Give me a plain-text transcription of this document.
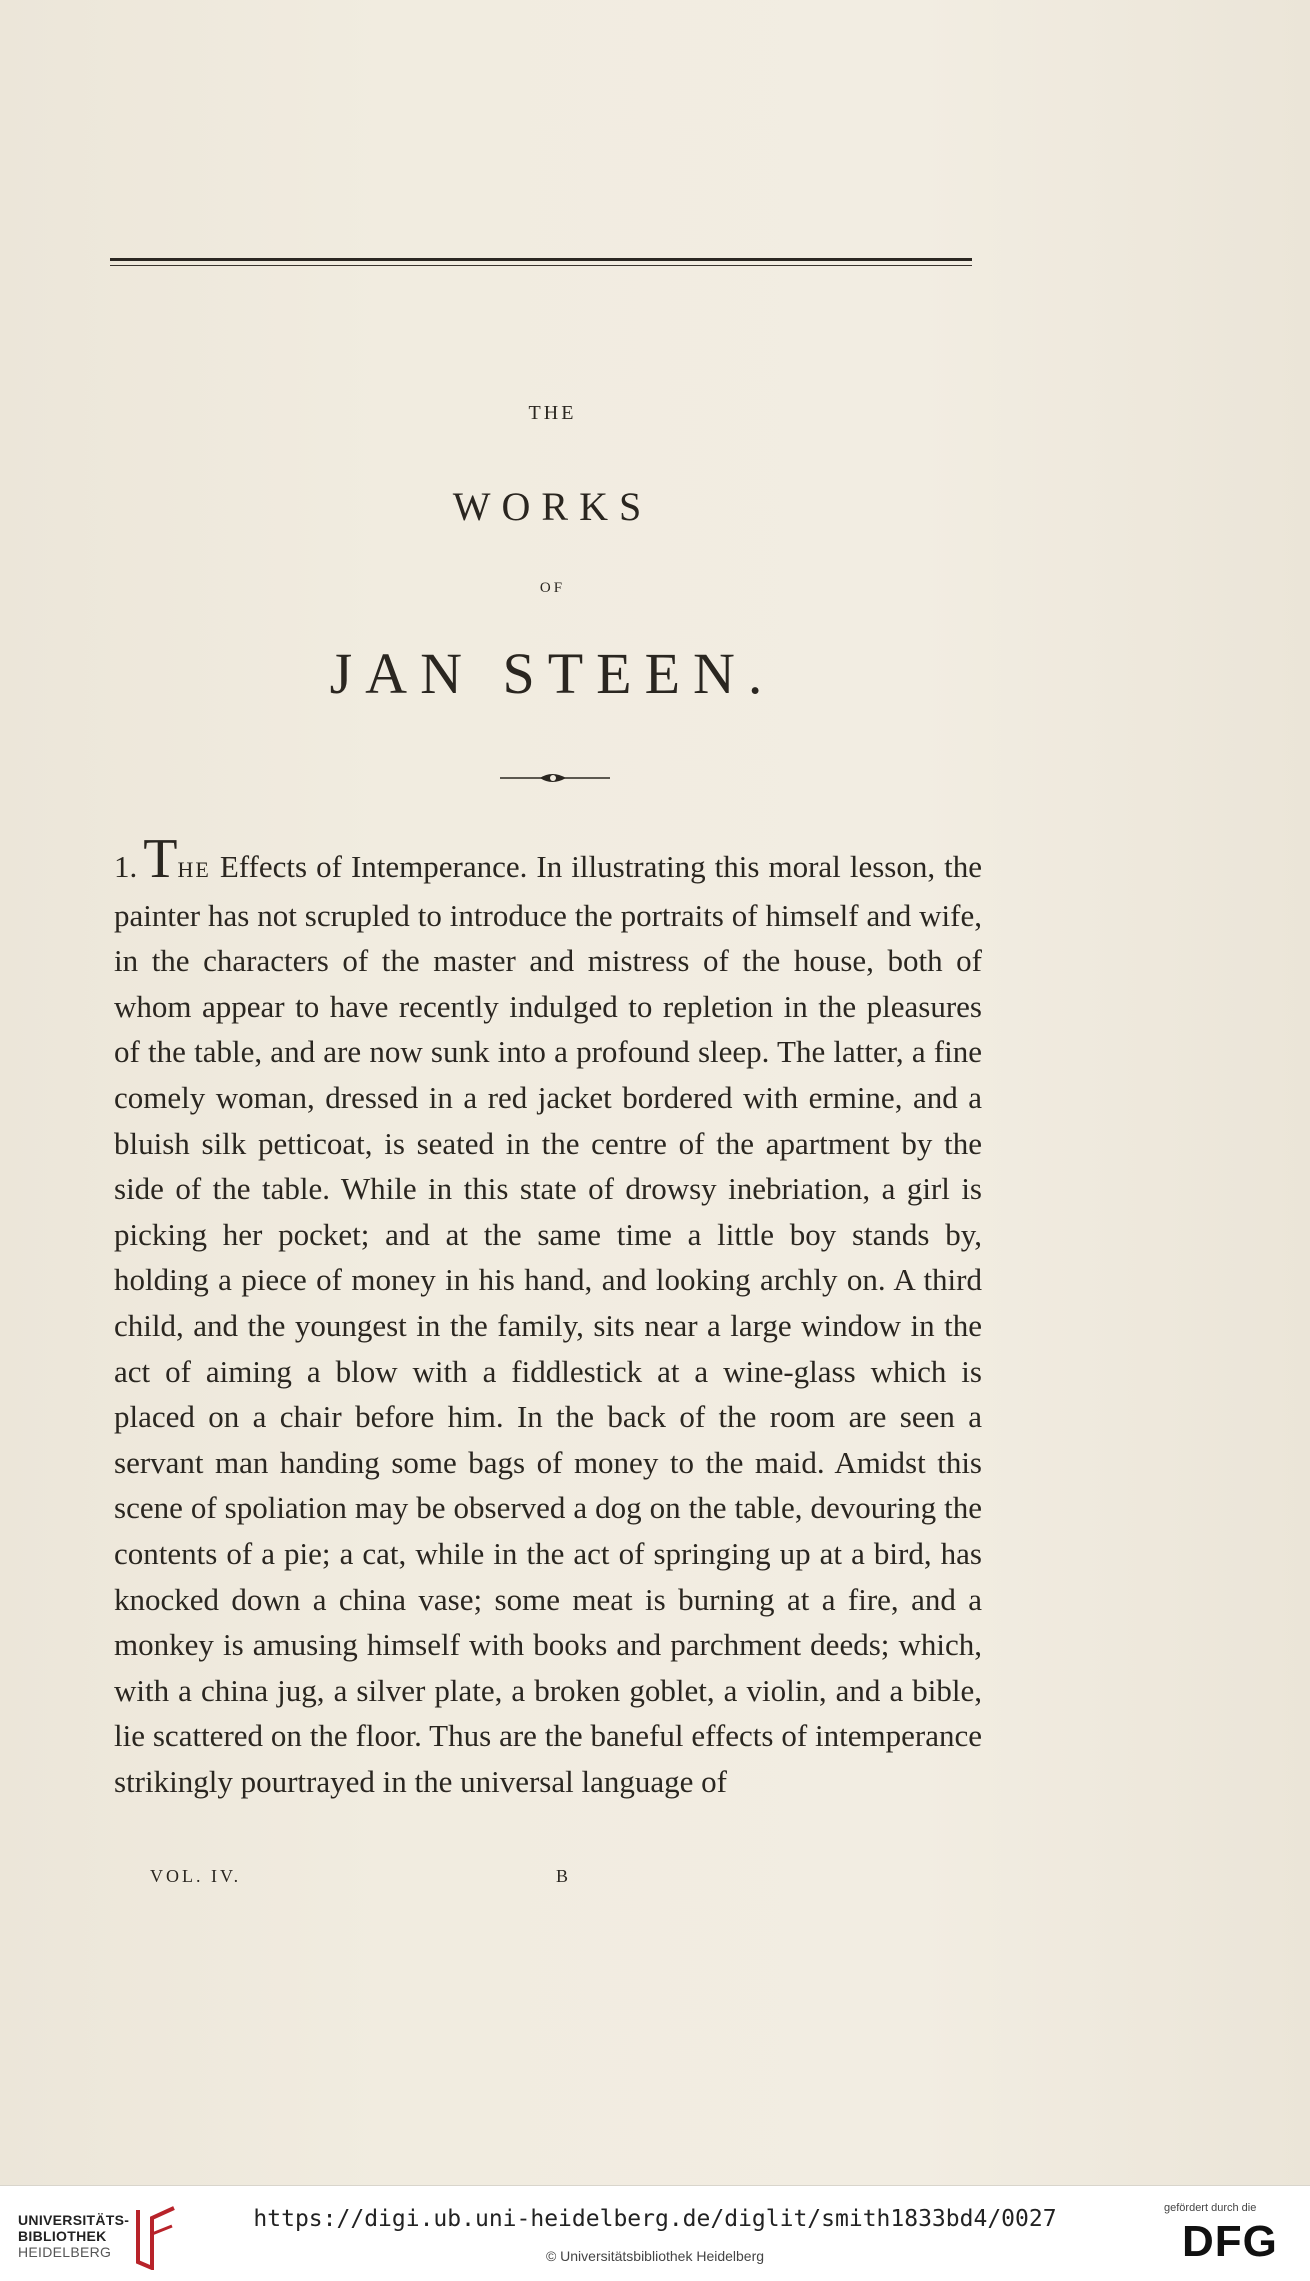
THE
WORKS
OF
JAN STEEN.
1. THE Effects of Intemperance. In illustrating this moral lesson, the painter has not scrupled to introduce the portraits of himself and wife, in the characters of the master and mistress of the house, both of whom appear to have recently indulged to repletion in the pleasures of the table, and are now sunk into a profound sleep. The latter, a fine comely woman, dressed in a red jacket bordered with ermine, and a bluish silk petticoat, is seated in the centre of the apartment by the side of the table. While in this state of drowsy inebriation, a girl is picking her pocket; and at the same time a little boy stands by, holding a piece of money in his hand, and looking archly on. A third child, and the youngest in the family, sits near a large window in the act of aiming a blow with a fiddlestick at a wine-glass which is placed on a chair before him. In the back of the room are seen a servant man handing some bags of money to the maid. Amidst this scene of spoliation may be observed a dog on the table, devouring the contents of a pie; a cat, while in the act of springing up at a bird, has knocked down a china vase; some meat is burning at a fire, and a monkey is amusing himself with books and parchment deeds; which, with a china jug, a silver plate, a broken goblet, a violin, and a bible, lie scattered on the floor. Thus are the baneful effects of intemperance strikingly pourtrayed in the universal language of
VOL. IV.	B
UNIVERSITÄTS-
BIBLIOTHEK
HEIDELBERG
https://digi.ub.uni-heidelberg.de/diglit/smith1833bd4/0027
© Universitätsbibliothek Heidelberg
gefördert durch die
DFG
